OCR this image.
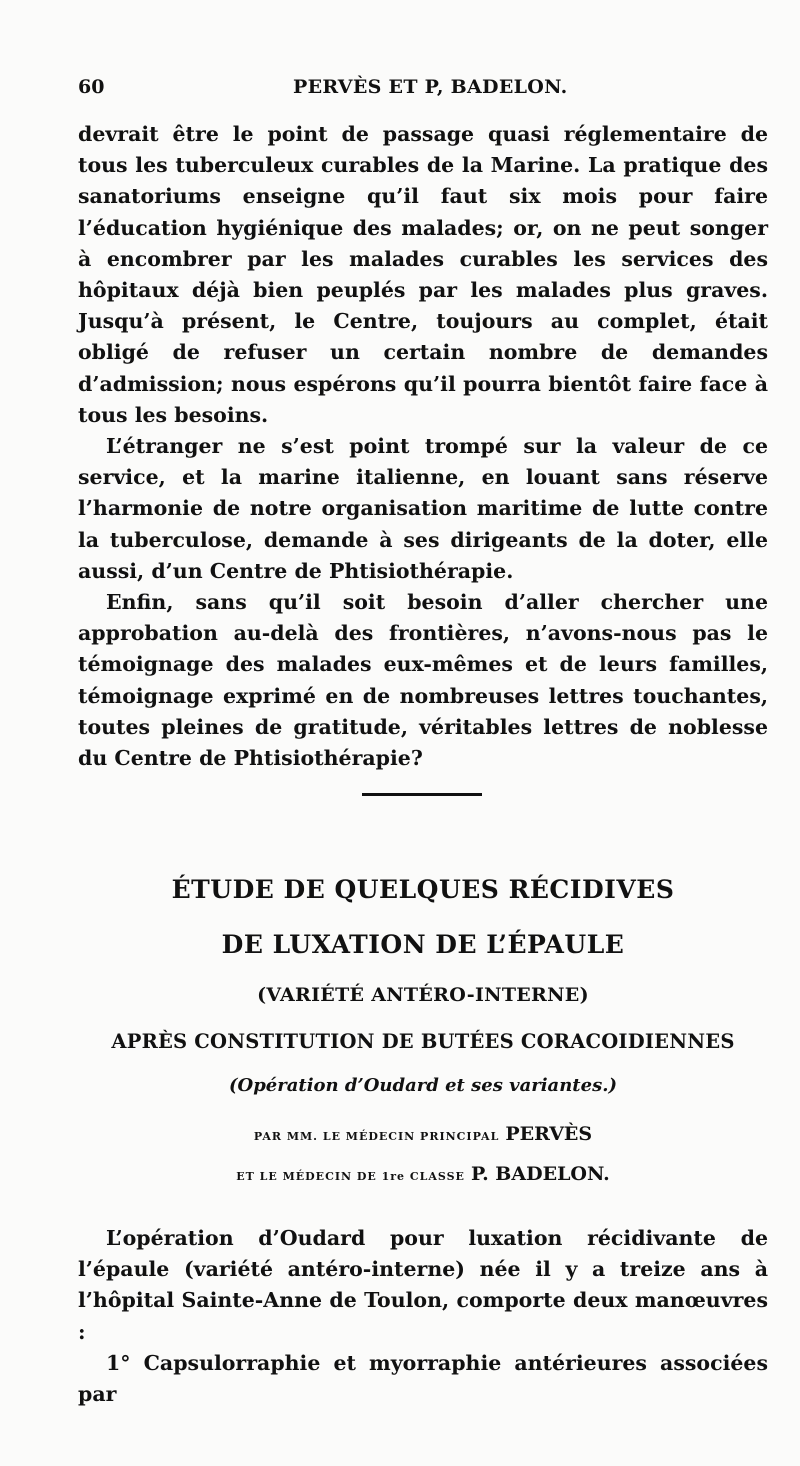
60	PERVÈS ET P, BADELON.

devrait être le point de passage quasi réglementaire de tous les tuberculeux curables de la Marine. La pratique des sanatoriums enseigne qu’il faut six mois pour faire l’éducation hygiénique des malades; or, on ne peut songer à encombrer par les malades curables les services des hôpitaux déjà bien peuplés par les malades plus graves. Jusqu’à présent, le Centre, toujours au complet, était obligé de refuser un certain nombre de demandes d’admission; nous espérons qu’il pourra bientôt faire face à tous les besoins.

L’étranger ne s’est point trompé sur la valeur de ce service, et la marine italienne, en louant sans réserve l’harmonie de notre organisation maritime de lutte contre la tuberculose, demande à ses dirigeants de la doter, elle aussi, d’un Centre de Phtisiothérapie.

Enfin, sans qu’il soit besoin d’aller chercher une approbation au-delà des frontières, n’avons-nous pas le témoignage des malades eux-mêmes et de leurs familles, témoignage exprimé en de nombreuses lettres touchantes, toutes pleines de gratitude, véritables lettres de noblesse du Centre de Phtisiothérapie?

ÉTUDE DE QUELQUES RÉCIDIVES
DE LUXATION DE L’ÉPAULE
(VARIÉTÉ ANTÉRO-INTERNE)
APRÈS CONSTITUTION DE BUTÉES CORACOIDIENNES
(Opération d’Oudard et ses variantes.)
PAR MM. LE MÉDECIN PRINCIPAL PERVÈS
ET LE MÉDECIN DE 1re CLASSE P. BADELON.

L’opération d’Oudard pour luxation récidivante de l’épaule (variété antéro-interne) née il y a treize ans à l’hôpital Sainte-Anne de Toulon, comporte deux manœuvres :

1° Capsulorraphie et myorraphie antérieures associées par
